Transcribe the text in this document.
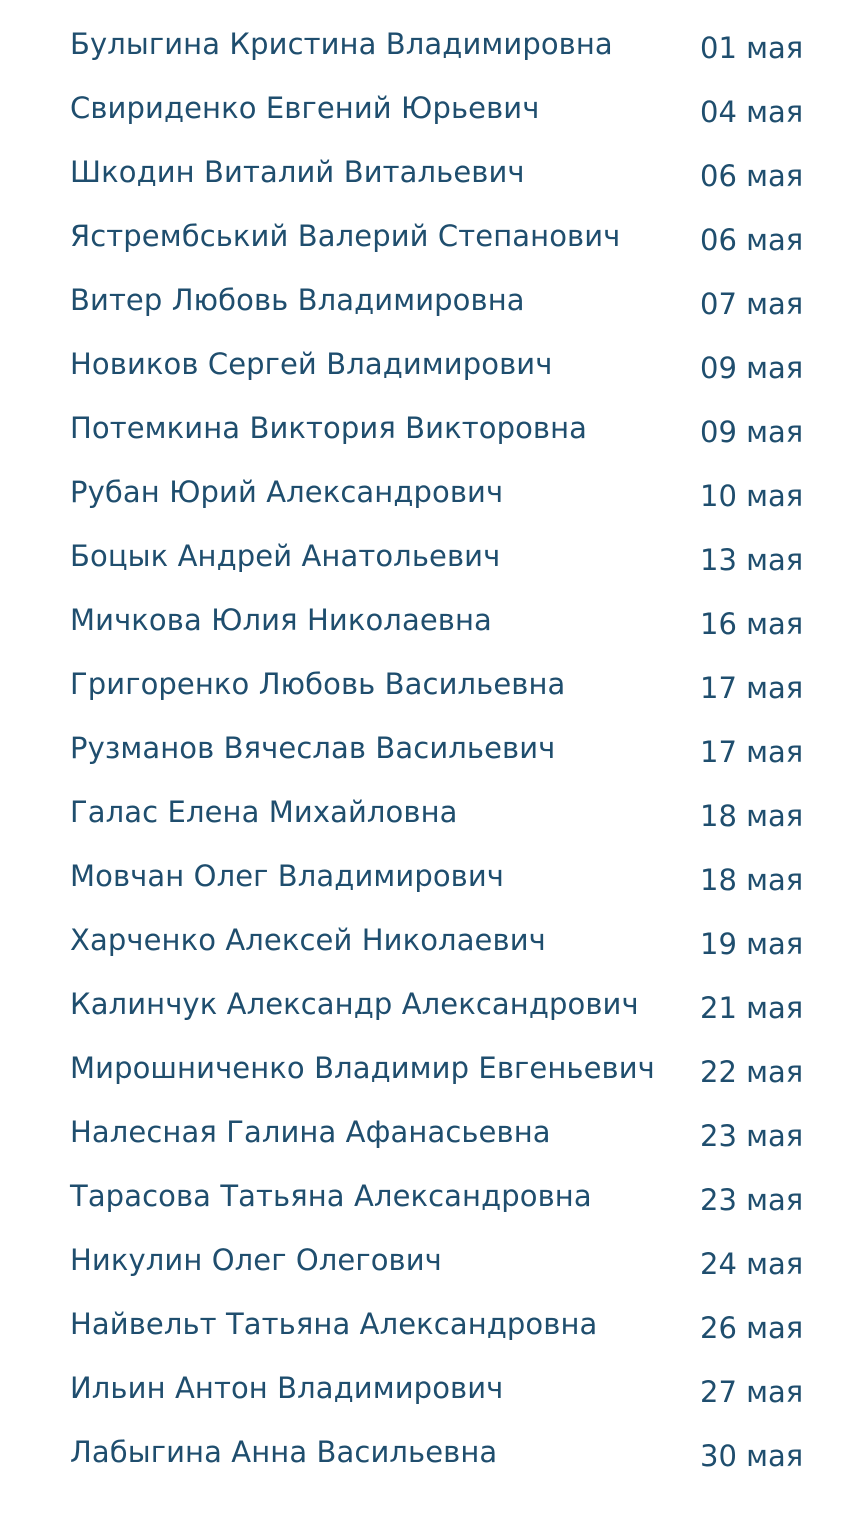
Булыгина Кристина Владимировна	01 мая
Свириденко Евгений Юрьевич	04 мая
Шкодин Виталий Витальевич	06 мая
Ястрембський Валерий Степанович	06 мая
Витер Любовь Владимировна	07 мая
Новиков Сергей Владимирович	09 мая
Потемкина Виктория Викторовна	09 мая
Рубан Юрий Александрович	10 мая
Боцык Андрей Анатольевич	13 мая
Мичкова Юлия Николаевна	16 мая
Григоренко Любовь Васильевна	17 мая
Рузманов Вячеслав Васильевич	17 мая
Галас Елена Михайловна	18 мая
Мовчан Олег Владимирович	18 мая
Харченко Алексей Николаевич	19 мая
Калинчук Александр Александрович 21 мая
Мирошниченко Владимир Евгеньевич 22 мая
Налесная Галина Афанасьевна	23 мая
Тарасова Татьяна Александровна	23 мая
Никулин Олег Олегович	24 мая
Найвельт Татьяна Александровна	26 мая
Ильин Антон Владимирович	27 мая
Лабыгина Анна Васильевна	30 мая
